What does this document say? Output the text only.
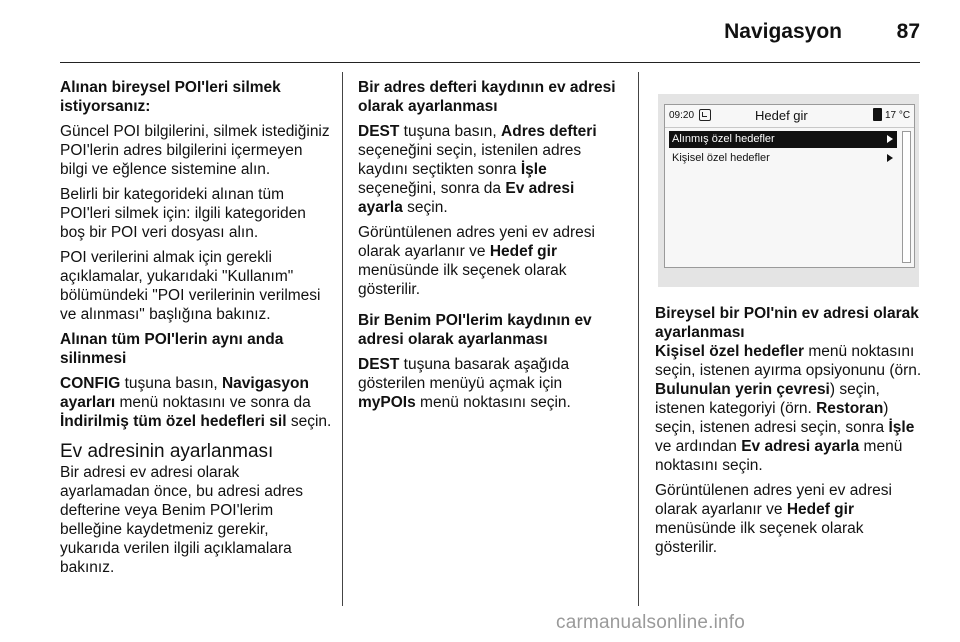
Navigasyon	87
Alınan bireysel POI'leri silmek istiyorsanız:

Güncel POI bilgilerini, silmek istediğiniz POI'lerin adres bilgilerini içermeyen bilgi ve eğlence sistemine alın.

Belirli bir kategorideki alınan tüm POI'leri silmek için: ilgili kategoriden boş bir POI veri dosyası alın.

POI verilerini almak için gerekli açıklamalar, yukarıdaki "Kullanım" bölümündeki "POI verilerinin verilmesi ve alınması" başlığına bakınız.

Alınan tüm POI'lerin aynı anda silinmesi

CONFIG tuşuna basın, Navigasyon ayarları menü noktasını ve sonra da İndirilmiş tüm özel hedefleri sil seçin.

Ev adresinin ayarlanması

Bir adresi ev adresi olarak ayarlamadan önce, bu adresi adres defterine veya Benim POI'lerim belleğine kaydetmeniz gerekir, yukarıda verilen ilgili açıklamalara bakınız.

Bir adres defteri kaydının ev adresi olarak ayarlanması

DEST tuşuna basın, Adres defteri seçeneğini seçin, istenilen adres kaydını seçtikten sonra İşle seçeneğini, sonra da Ev adresi ayarla seçin.

Görüntülenen adres yeni ev adresi olarak ayarlanır ve Hedef gir menüsünde ilk seçenek olarak gösterilir.

Bir Benim POI'lerim kaydının ev adresi olarak ayarlanması

DEST tuşuna basarak aşağıda gösterilen menüyü açmak için myPOIs menü noktasını seçin.

09:20	Hedef gir	17 °C
Alınmış özel hedefler
Kişisel özel hedefler
Bireysel bir POI'nin ev adresi olarak ayarlanması

Kişisel özel hedefler menü noktasını seçin, istenen ayırma opsiyonunu (örn. Bulunulan yerin çevresi) seçin, istenen kategoriyi (örn. Restoran) seçin, istenen adresi seçin, sonra İşle ve ardından Ev adresi ayarla menü noktasını seçin.

Görüntülenen adres yeni ev adresi olarak ayarlanır ve Hedef gir menüsünde ilk seçenek olarak gösterilir.

carmanualsonline.info
